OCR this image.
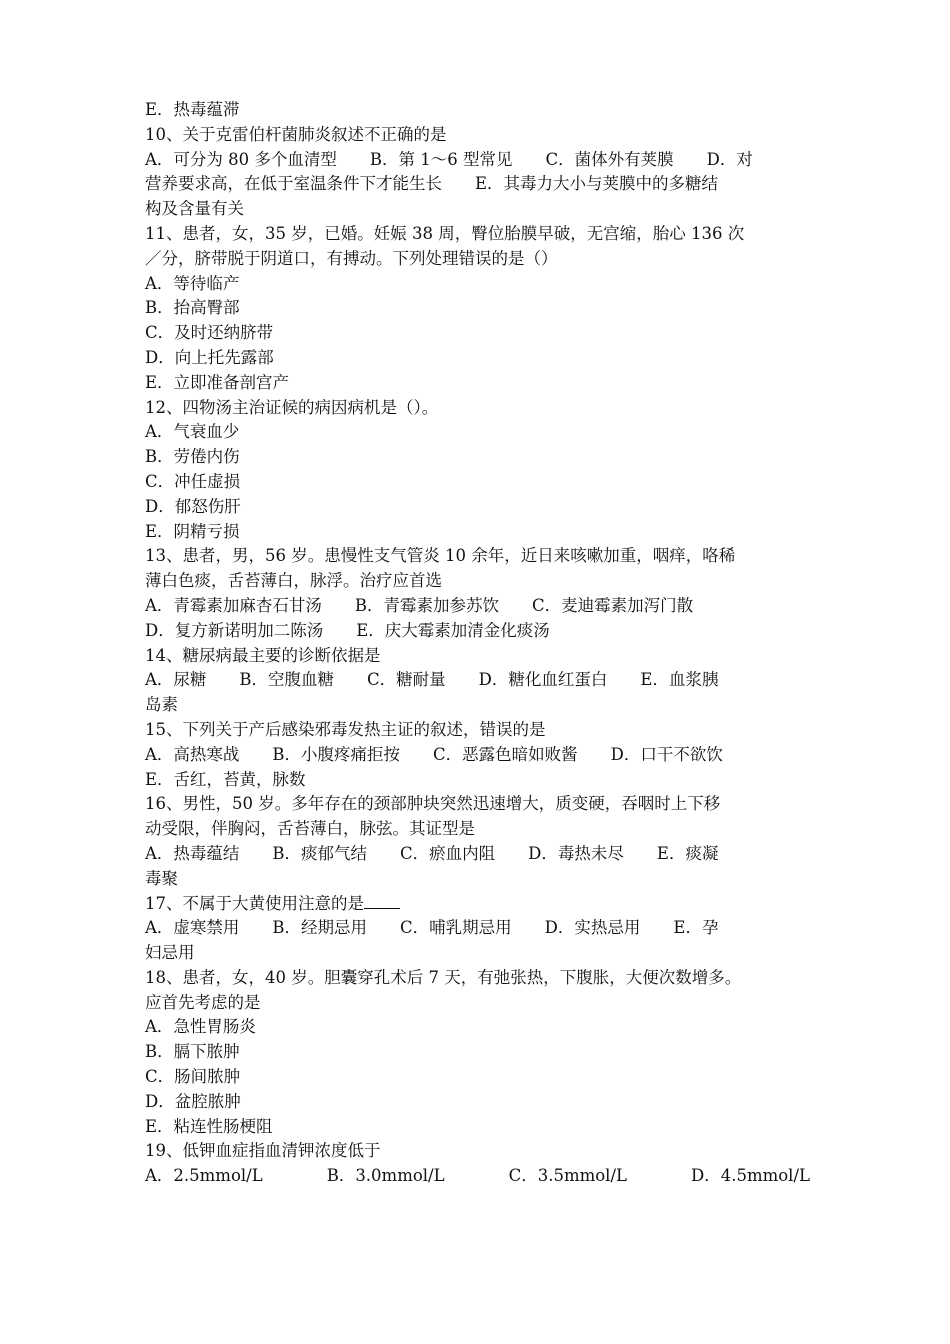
E．热毒蕴滞
10、关于克雷伯杆菌肺炎叙述不正确的是
A．可分为 80 多个血清型　　B．第 1～6 型常见　　C．菌体外有荚膜　　D．对
营养要求高，在低于室温条件下才能生长　　E．其毒力大小与荚膜中的多糖结
构及含量有关
11、患者，女，35 岁，已婚。妊娠 38 周，臀位胎膜早破，无宫缩，胎心 136 次
／分，脐带脱于阴道口，有搏动。下列处理错误的是（）
A．等待临产
B．抬高臀部
C．及时还纳脐带
D．向上托先露部
E．立即准备剖宫产
12、四物汤主治证候的病因病机是（）。
A．气衰血少
B．劳倦内伤
C．冲任虚损
D．郁怒伤肝
E．阴精亏损
13、患者，男，56 岁。患慢性支气管炎 10 余年，近日来咳嗽加重，咽痒，咯稀
薄白色痰，舌苔薄白，脉浮。治疗应首选
A．青霉素加麻杏石甘汤　　B．青霉素加参苏饮　　C．麦迪霉素加泻门散
D．复方新诺明加二陈汤　　E．庆大霉素加清金化痰汤
14、糖尿病最主要的诊断依据是
A．尿糖　　B．空腹血糖　　C．糖耐量　　D．糖化血红蛋白　　E．血浆胰
岛素
15、下列关于产后感染邪毒发热主证的叙述，错误的是
A．高热寒战　　B．小腹疼痛拒按　　C．恶露色暗如败酱　　D．口干不欲饮
E．舌红，苔黄，脉数
16、男性，50 岁。多年存在的颈部肿块突然迅速增大，质变硬，吞咽时上下移
动受限，伴胸闷，舌苔薄白，脉弦。其证型是
A．热毒蕴结　　B．痰郁气结　　C．瘀血内阻　　D．毒热未尽　　E．痰凝
毒聚
17、不属于大黄使用注意的是
A．虚寒禁用　　B．经期忌用　　C．哺乳期忌用　　D．实热忌用　　E．孕
妇忌用
18、患者，女，40 岁。胆囊穿孔术后 7 天，有弛张热，下腹胀，大便次数增多。
应首先考虑的是
A．急性胃肠炎
B．膈下脓肿
C．肠间脓肿
D．盆腔脓肿
E．粘连性肠梗阻
19、低钾血症指血清钾浓度低于
A．2.5mmol/L	B．3.0mmol/L	C．3.5mmol/L	D．4.5mmol/L
